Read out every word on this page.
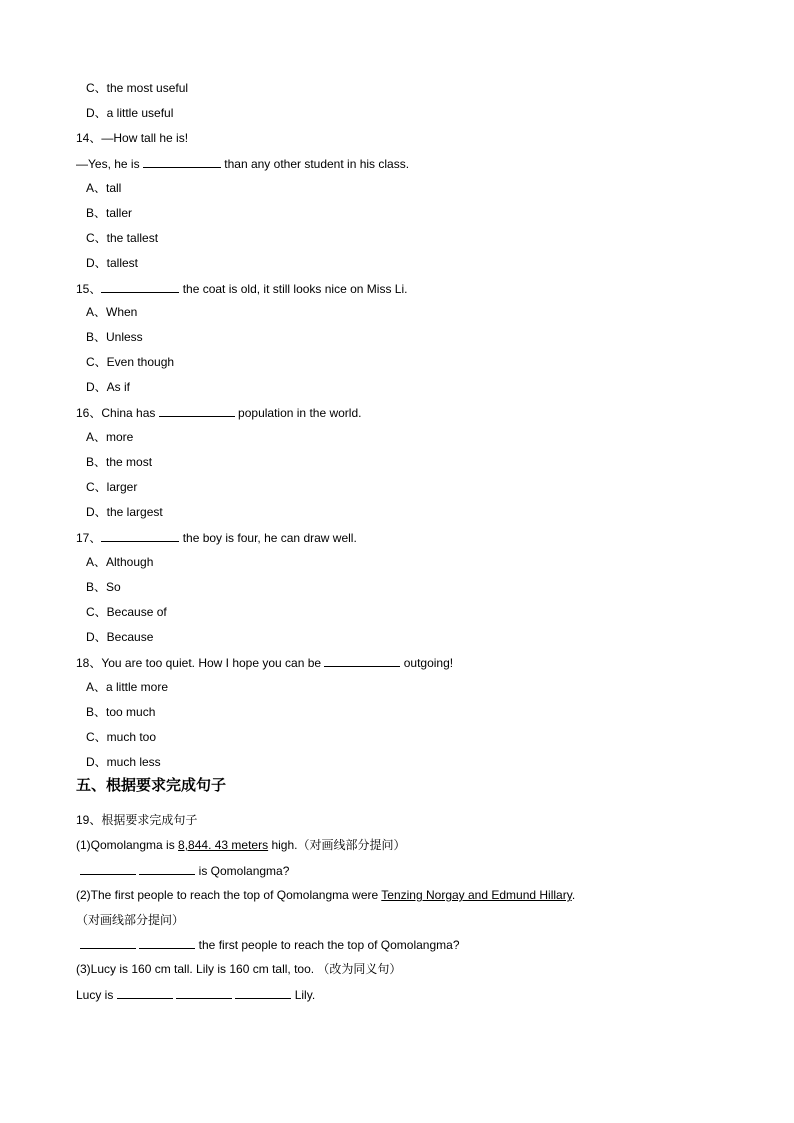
C、the most useful
D、a little useful
14、—How tall he is!
—Yes, he is	than any other student in his class.
A、tall
B、taller
C、the tallest
D、tallest
15、	the coat is old, it still looks nice on Miss Li.
A、When
B、Unless
C、Even though
D、As if
16、China has	population in the world.
A、more
B、the most
C、larger
D、the largest
17、	the boy is four, he can draw well.
A、Although
B、So
C、Because of
D、Because
18、You are too quiet. How I hope you can be	outgoing!
A、a little more
B、too much
C、much too
D、much less
五、根据要求完成句子
19、根据要求完成句子
(1)Qomolangma is 8,844. 43 meters high.（对画线部分提问）
is Qomolangma?
(2)The first people to reach the top of Qomolangma were Tenzing Norgay and Edmund Hillary.
（对画线部分提问）
the first people to reach the top of Qomolangma?
(3)Lucy is 160 cm tall. Lily is 160 cm tall, too. （改为同义句）
Lucy is	Lily.
